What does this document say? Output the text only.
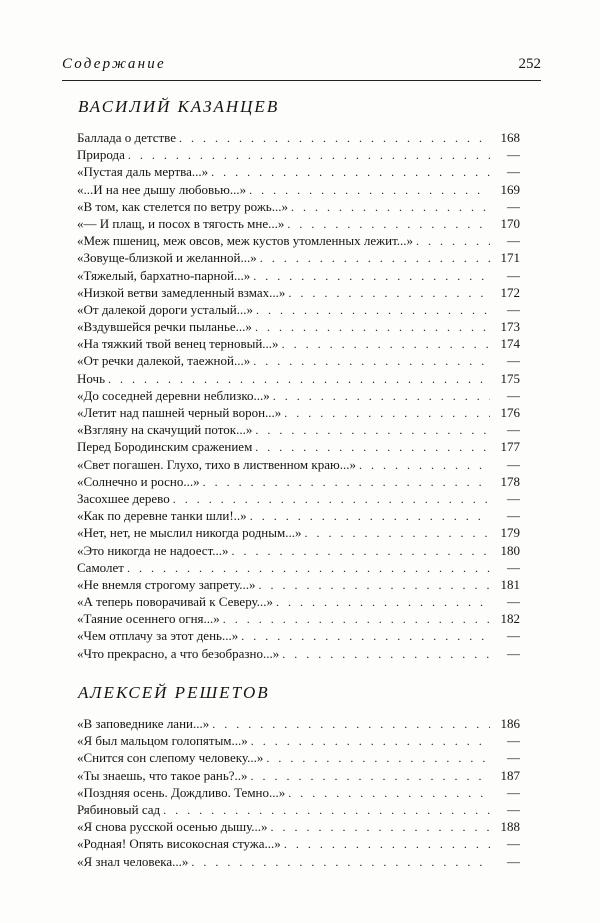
Содержание	252
ВАСИЛИЙ КАЗАНЦЕВ
Баллада о детстве . . .	168
Природа . . .	—
«Пустая даль мертва...» . . .	—
«...И на нее дышу любовью...» . . .	169
«В том, как стелется по ветру рожь...» . . .	—
«— И плащ, и посох в тягость мне...» . . .	170
«Меж пшениц, меж овсов, меж кустов утомленных лежит...» . . .	—
«Зовуще-близкой и желанной...» . . .	171
«Тяжелый, бархатно-парной...» . . .	—
«Низкой ветви замедленный взмах...» . . .	172
«От далекой дороги усталый...» . . .	—
«Вздувшейся речки пыланье...» . . .	173
«На тяжкий твой венец терновый...» . . .	174
«От речки далекой, таежной...» . . .	—
Ночь . . .	175
«До соседней деревни неблизко...» . . .	—
«Летит над пашней черный ворон...» . . .	176
«Взгляну на скачущий поток...» . . .	—
Перед Бородинским сражением . . .	177
«Свет погашен. Глухо, тихо в лиственном краю...» . . .	—
«Солнечно и росно...» . . .	178
Засохшее дерево . . .	—
«Как по деревне танки шли!..» . . .	—
«Нет, нет, не мыслил никогда родным...» . . .	179
«Это никогда не надоест...» . . .	180
Самолет . . .	—
«Не внемля строгому запрету...» . . .	181
«А теперь поворачивай к Северу...» . . .	—
«Таяние осеннего огня...» . . .	182
«Чем отплачу за этот день...» . . .	—
«Что прекрасно, а что безобразно...» . . .	—
АЛЕКСЕЙ РЕШЕТОВ
«В заповеднике лани...» . . .	186
«Я был мальцом голопятым...» . . .	—
«Снится сон слепому человеку...» . . .	—
«Ты знаешь, что такое рань?..» . . .	187
«Поздняя осень. Дождливо. Темно...» . . .	—
Рябиновый сад . . .	—
«Я снова русской осенью дышу...» . . .	188
«Родная! Опять високосная стужа...» . . .	—
«Я знал человека...» . . .	—
